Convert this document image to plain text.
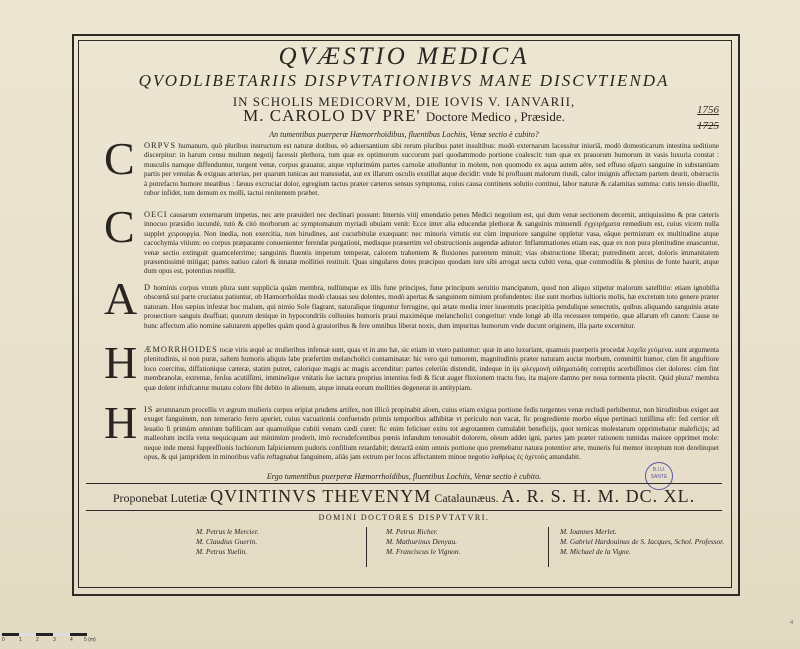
QVÆSTIO MEDICA
QVODLIBETARIIS DISPVTATIONIBVS MANE DISCVTIENDA
IN SCHOLIS MEDICORVM, DIE IOVIS V. IANVARII,
M. CAROLO DV PRE' Doctore Medico , Præside.	1756
1725
An tumentibus puerperæ Hæmorrhoïdibus, fluentibus Lochiis, Venæ sectio è cubito?
C
C
A
H
H
ORPVS humanum, quò pluribus instructum est naturæ dotibus, eò aduersantium sibi rerum pluribus patet insultibus: modò externarum lacessitur iniuriâ, modò domesticarum intestina seditione discerpitur: in harum censu multum negotij facessit plethora, tum quæ ex optimorum succorum pari quodammodo portione coalescit: tum quæ ex prauorum humorum in vasis luxuria constat : musculis namque diffenduntur, turgent venæ, corpus grauatur, atque vtplurimùm partes carnolæ attolluntur in molem, non quomodo ex aqua autem aëre, sed effuso αἵματι sanguine in substantiam partis per venulas & exiguas arterias, per quarum tunicas aut transsudat, aut ex illarum osculis exstillat atque decidit: vnde hi profluunt malorum riuuli, calor insignis affectam partem deurit, obstructis à putrefacto humore meatibus : fæuus excruciat dolor, egregium tactus præter cæteros sensus symptoma, cuius causa continens solutio continui, labor naturæ & calamitas summa: cutis tensio diuellit, rubor infidet, tum demum ex molli, tactui renitentem præbet.
OECI causarum externarum impetus, nec arte præuideri nec declinari possunt: Internis vitij emendatio penes Medici negotium est, qui dum venæ sectionem decernit, antiquissimo & præ cæteris innocuo præsidio iucundè, tutò & citò morborum ac symptomatum myriadi obuiam venit: Ecce inter alia educendæ plethoræ & sanguinis minuendi ἐγχειρήματα remedium est, cuius vicem nulla supplet χειρουργία. Non inedia, non exercitia, non hirudines, aut cucurbitulæ exæquant: nec minoris virtutis est cùm impuriore sanguine oppletur vasa, eâque permistum ex multitudine atque cacochymia vitium: eo corpus præparante conuenienter ferendæ purgationi, medisque præsertim vel obstructionis augendæ adiutor: Inflammationes etiam eas, quæ ex non pura plenitudine enascuntur, venæ sectio extinguit quamcelerrime; sanguinis fluentis impetum temperat, calorem trahentem & fluxiones parentem minuit; vias obstructione liberat; putredinem arcet, doloris immanitatem præsentissimè mitigat; partes natiuo calori & innatæ mollitiei restituit. Quas singulares dotes præcipuo quodam iure sibi arrogat secta cubiti vena, quæ commodiùs & plenius de fonte haurit, atque dum opus est, potentius reuellit.
D hominis corpus vnum plura sunt supplicia quàm membra, nullùmque ex illis fune principes, fune principum seruitio mancipatum, quod non aliquo stipetur malorum satellitio: etiam ignobilia obscœnâ sui parte cruciatus patiuntur, ob Hæmorrhoïdas modò clausas seu dolentes, modò apertas & sanguinem nimium profundentes: ilse sunt morbus iultioris molis, hæ excretum toto genere præter naturam. Hos sæpius infestat hoc malum, qui nimio Sole flagrant, naturalique tinguntur ferrugine, qui ætate media inter iuuentutis præcipitia pendulique senectutis, quibus aliquando sanguinis ætate prouectiore sanguis deaffuat; quorum denique in hypocondriis colluuies humoris praui maximéque melancholici congeritur: vnde longè ab illa recessere temperie, quæ allarum eft canon: Cause ne hunc affectum alio nomine salutarem appelles quàm quod à grauioribus & fere omnibus liberat noxis, dum impuritas humorum vnde ducunt originem, illa parte excernitur.
ÆMORRHOIDES tocæ viris æquè ac mulieribus infensæ sunt, quas vt in ano hæ, sic etiam in vtero patiuntur: quæ in ano luxuriant, quamuis puerperis procedat λοχεῖα χεόμενα. sunt argumenta plenitudinis, si non puræ, saltem humoris aliquis labe præfertim melancholici contaminatæ: hic vero qui tumorem, magnitudinis præter naturam auctæ morbum, committit humor, cùm fit anguftiore loco coercitus, diffationique cæteræ, statim putret, calorique magis ac magis accenditur: partes celeriùs distendit, indeque in ijs φλεγμονὴ οἰδηματώδη correptis acerbiſſimos ciet dolores: cùm fint membranolæ, extremæ, fenſus acutiſſimi, immineîque vnitatis ſue iactura proprius intentius fedi & ficut auget fluxionem tractu fuo, ita majore damno per noua tormenta plectit. Quid plura? membra quæ dolent infufcantur mutato colore fibi debito in alienum, atque innata eorum mollities degenerat in antitypiam.
IS ærumnarum procellis vt ægrum mulieris corpus eripiat prudens artifex, non illicò propinabit aloen, cuius etiam exigua portione fedis turgentes venæ recludi perhibentur, non hirudinibus exiget aut exuget fanguinem, non temerario ferro aperiet, cuius vacuationis confuetudo primis temporibus adhibitæ vt periculo non vacat, fic progrediente morbo eſque pertinaci tutiſſima eft: fed certior eſt leuatio fi primùm omnium bafilicam aut quamuiſque cubiti venam cædi curet: fic enim feliciuer exitu tot ægrotantem cumulabit beneficijs, quot ternicas molestarum opprimebatur maleficijs; ad malleolum incifa vena nequicquam aut minimùm proderit, imò recrudefcentibus pœnis infandum tenouabit dolorem, oleum addet igni, partes jam præter rationem tumidas maiore opprimet mole: neque inde mensi fuppreſſionis lochiorum faſpicientem pudoris confilium retardabit; detractâ enim omnis portione quo premebatur natura potentior arte, muneris fui memor inceptum non derelinquet opus, & qui jampridem in minoribus vafis reftagnabat fanguinem, aliàs jam extrum per locos affectantem minoe negotio λαθρίως ἐς ὀχετοὺς amandabit.
Ergo tumentibus puerperæ Hæmorrhoïdibus, fluentibus Lochiis, Venæ sectio è cubito.
B.I.U. SANTE
Proponebat Lutetiæ QVINTINVS THEVENYM Catalaunæus. A. R. S. H. M. DC. XL.
DOMINI DOCTORES DISPVTATVRI.
M. Petrus le Mercier.
M. Claudius Guerin.
M. Petrus Yuelin.
M. Petrus Richer.
M. Mathurinus Denyau.
M. Franciscus le Vignon.
M. Ioannes Merlet.
M. Gabriel Hardouinus de S. Iacques, Schol. Professor.
M. Michael de la Vigne.
0	1	2	3	4 5 (m)
4
